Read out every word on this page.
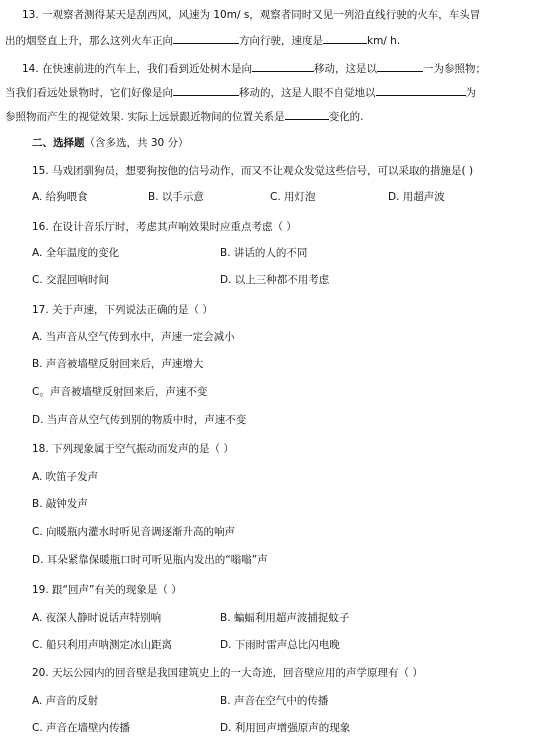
13. 一观察者测得某天是刮西风，风速为 10m∕ s，观察者同时又见一列沿直线行驶的火车，车头冒
出的烟竖直上升，那么这列火车正向	方向行驶，速度是	km∕ h.
14. 在快速前进的汽车上，我们看到近处树木是向	移动，这是以	一为参照物；
当我们看远处景物时，它们好像是向	移动的，这是人眼不自觉地以	为
参照物而产生的视觉效果. 实际上远景跟近物间的位置关系是	变化的.
二、选择题（含多选，共 30 分）
15. 马戏团驯狗员，想要狗按他的信号动作，而又不让观众发觉这些信号，可以采取的措施是( )
A. 给狗喂食	B. 以手示意	C. 用灯泡	D. 用超声波
16. 在设计音乐厅时，考虑其声响效果时应重点考虑（ ）
A. 全年温度的变化	B. 讲话的人的不同
C. 交混回响时间	D. 以上三种都不用考虑
17. 关于声速，下列说法正确的是（ ）
A. 当声音从空气传到水中，声速一定会减小
B. 声音被墙壁反射回来后，声速增大
C。声音被墙壁反射回来后，声速不变
D. 当声音从空气传到别的物质中时，声速不变
18. 下列现象属于空气振动而发声的是（ ）
A. 吹笛子发声
B. 敲钟发声
C. 向暖瓶内灌水时听见音调逐渐升高的响声
D. 耳朵紧靠保暖瓶口时可听见瓶内发出的“嗡嗡”声
19. 跟“回声”有关的现象是（ ）
A. 夜深人静时说话声特别响	B. 蝙蝠利用超声波捕捉蚊子
C. 船只利用声呐测定冰山距离	D. 下雨时雷声总比闪电晚
20. 天坛公园内的回音壁是我国建筑史上的一大奇迹，回音壁应用的声学原理有（ ）
A. 声音的反射	B. 声音在空气中的传播
C. 声音在墙壁内传播	D. 利用回声增强原声的现象
